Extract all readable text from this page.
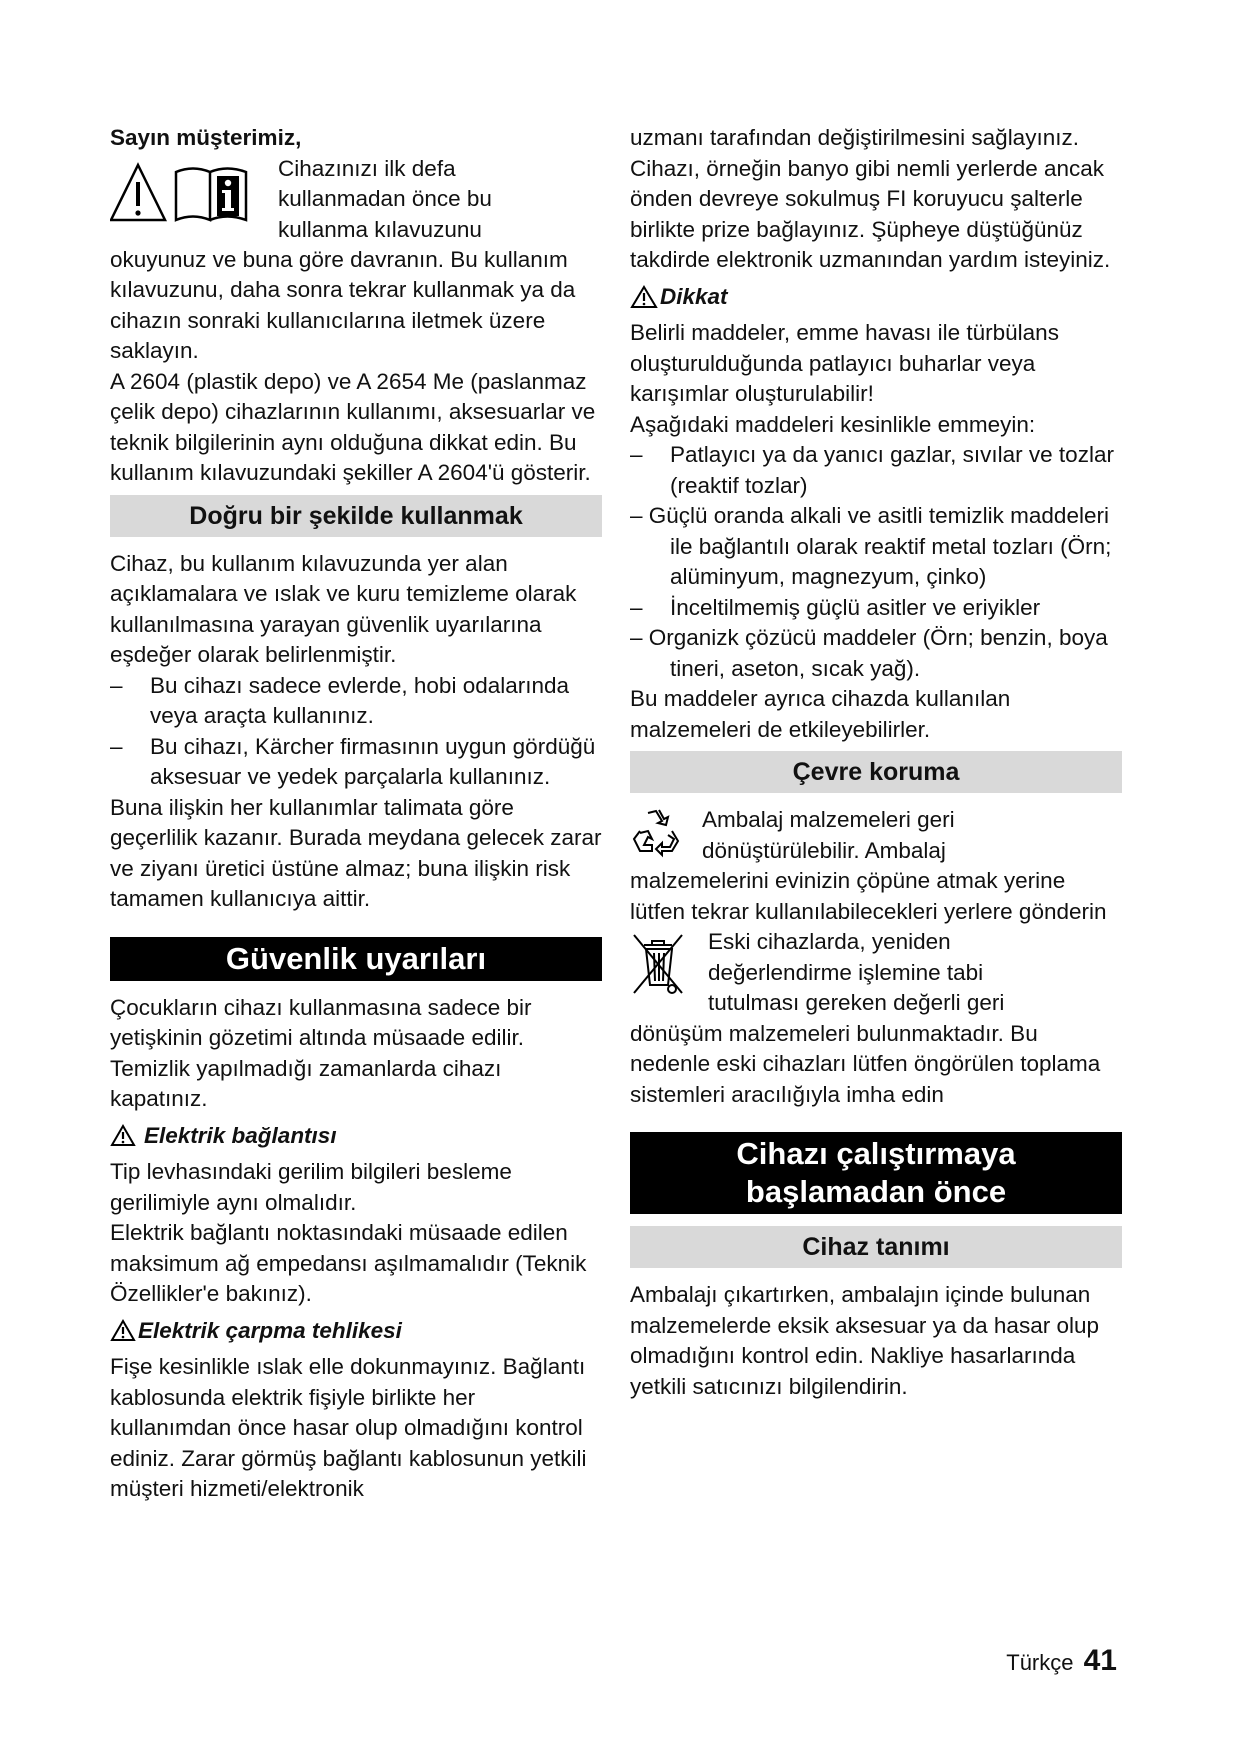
Sayın müşterimiz,

Cihazınızı ilk defa

kullanmadan önce bu

kullanma kılavuzunu

okuyunuz ve buna göre davranın. Bu kullanım kılavuzunu, daha sonra tekrar kullanmak ya da cihazın sonraki kullanıcılarına iletmek üzere saklayın.

A 2604 (plastik depo) ve A 2654 Me (paslanmaz çelik depo) cihazlarının kullanımı, aksesuarlar ve teknik bilgilerinin aynı olduğuna dikkat edin. Bu kullanım kılavuzundaki şekiller A 2604'ü gösterir.

Doğru bir şekilde kullanmak

Cihaz, bu kullanım kılavuzunda yer alan açıklamalara ve ıslak ve kuru temizleme olarak kullanılmasına yarayan güvenlik uyarılarına eşdeğer olarak belirlenmiştir.

– Bu cihazı sadece evlerde, hobi odalarında veya araçta kullanınız.
– Bu cihazı, Kärcher firmasının uygun gördüğü aksesuar ve yedek parçalarla kullanınız.

Buna ilişkin her kullanımlar talimata göre geçerlilik kazanır. Burada meydana gelecek zarar ve ziyanı üretici üstüne almaz; buna ilişkin risk tamamen kullanıcıya aittir.

Güvenlik uyarıları

Çocukların cihazı kullanmasına sadece bir yetişkinin gözetimi altında müsaade edilir. Temizlik yapılmadığı zamanlarda cihazı kapatınız.

Elektrik bağlantısı

Tip levhasındaki gerilim bilgileri besleme gerilimiyle aynı olmalıdır.

Elektrik bağlantı noktasındaki müsaade edilen maksimum ağ empedansı aşılmamalıdır (Teknik Özellikler'e bakınız).

Elektrik çarpma tehlikesi

Fişe kesinlikle ıslak elle dokunmayınız. Bağlantı kablosunda elektrik fişiyle birlikte her kullanımdan önce hasar olup olmadığını kontrol ediniz. Zarar görmüş bağlantı kablosunun yetkili müşteri hizmeti/elektronik

uzmanı tarafından değiştirilmesini sağlayınız.

Cihazı, örneğin banyo gibi nemli yerlerde ancak önden devreye sokulmuş FI koruyucu şalterle birlikte prize bağlayınız. Şüpheye düştüğünüz takdirde elektronik uzmanından yardım isteyiniz.

Dikkat

Belirli maddeler, emme havası ile türbülans oluşturulduğunda patlayıcı buharlar veya karışımlar oluşturulabilir!

Aşağıdaki maddeleri kesinlikle emmeyin:

– Patlayıcı ya da yanıcı gazlar, sıvılar ve tozlar (reaktif tozlar)
– Güçlü oranda alkali ve asitli temizlik maddeleri ile bağlantılı olarak reaktif metal tozları (Örn; alüminyum, magnezyum, çinko)
– İnceltilmemiş güçlü asitler ve eriyikler
– Organizk çözücü maddeler (Örn; benzin, boya tineri, aseton, sıcak yağ).

Bu maddeler ayrıca cihazda kullanılan malzemeleri de etkileyebilirler.

Çevre koruma

Ambalaj malzemeleri geri

dönüştürülebilir. Ambalaj

malzemelerini evinizin çöpüne atmak yerine lütfen tekrar kullanılabilecekleri yerlere gönderin

Eski cihazlarda, yeniden

değerlendirme işlemine tabi

tutulması gereken değerli geri

dönüşüm malzemeleri bulunmaktadır. Bu nedenle eski cihazları lütfen öngörülen toplama sistemleri aracılığıyla imha edin

Cihazı çalıştırmaya
başlamadan önce
Cihaz tanımı

Ambalajı çıkartırken, ambalajın içinde bulunan malzemelerde eksik aksesuar ya da hasar olup olmadığını kontrol edin. Nakliye hasarlarında yetkili satıcınızı bilgilendirin.

Türkçe 41
